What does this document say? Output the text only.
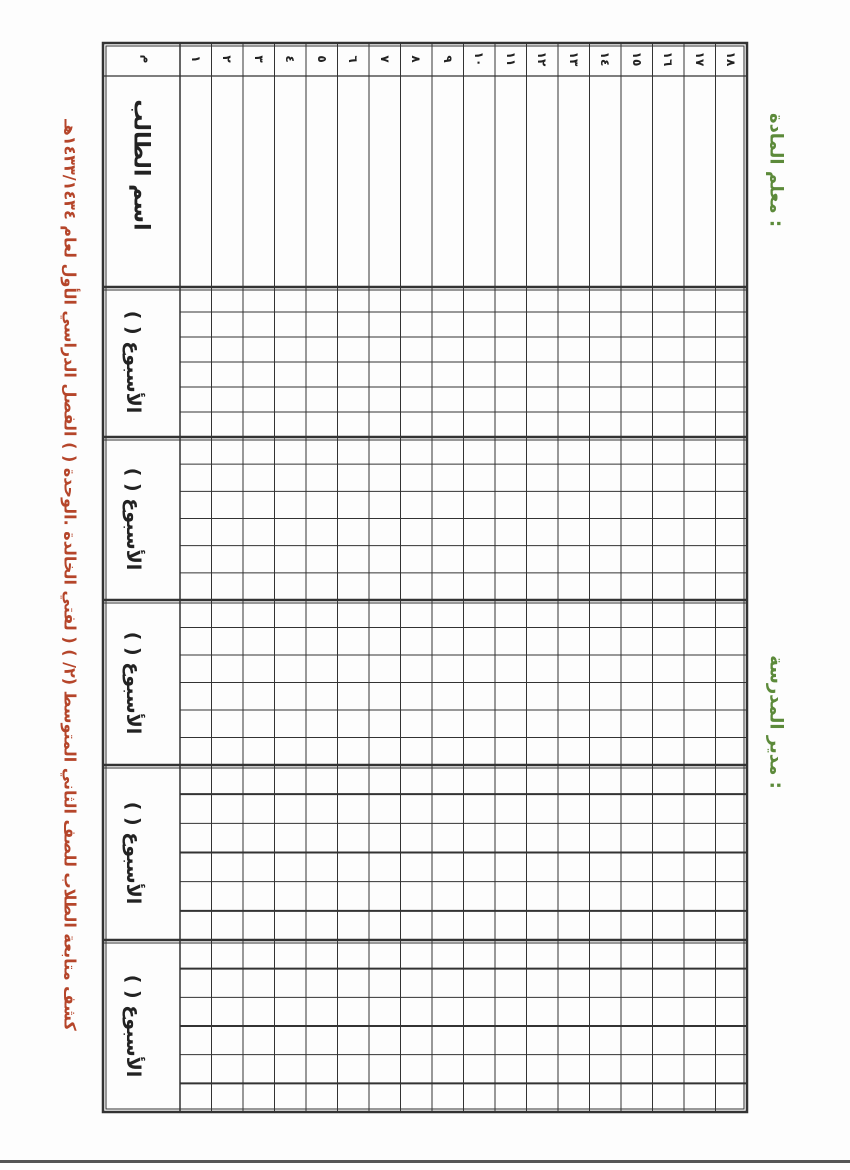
كشف متابعة الطلاب للصف الثاني المتوسط (٢/ ) ( لفتي الخالدة .الوحدة ( ) الفصل الدراسي الأول لعام ١٤٣٣/١٤٣٤هـ
معلم المادة :
مدير المدرسة :
م	١ ٢ ٣ ٤ ٥ ٦ ٧ ٨ ٩ ١٠ ١١ ١٢ ١٣ ١٤ ١٥ ١٦ ١٧ ١٨
اسم الطالب
( ) الأسبوع
( ) الأسبوع
( ) الأسبوع
( ) الأسبوع
( ) الأسبوع
